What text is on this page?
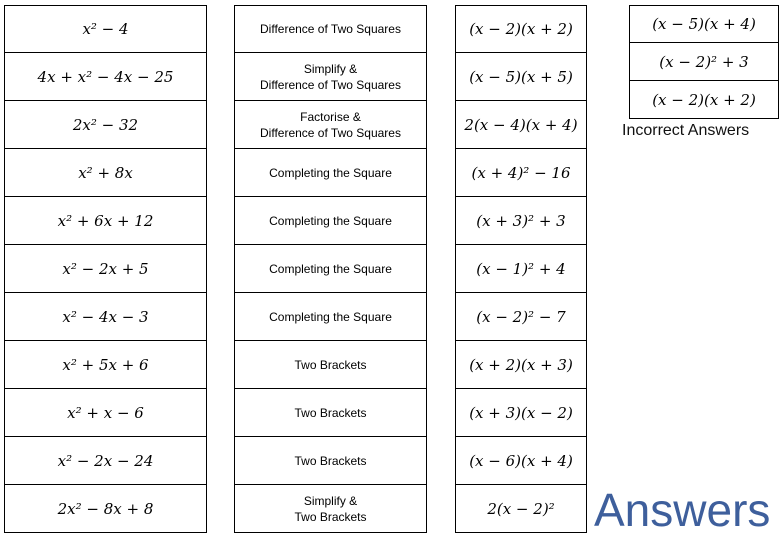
x² − 4
4x + x² − 4x − 25
2x² − 32
x² + 8x
x² + 6x + 12
x² − 2x + 5
x² − 4x − 3
x² + 5x + 6
x² + x − 6
x² − 2x − 24
2x² − 8x + 8
Difference of Two Squares
Simplify &
Difference of Two Squares
Factorise &
Difference of Two Squares
Completing the Square
Completing the Square
Completing the Square
Completing the Square
Two Brackets
Two Brackets
Two Brackets
Simplify &
Two Brackets
(x − 2)(x + 2)
(x − 5)(x + 5)
2(x − 4)(x + 4)
(x + 4)² − 16
(x + 3)² + 3
(x − 1)² + 4
(x − 2)² − 7
(x + 2)(x + 3)
(x + 3)(x − 2)
(x − 6)(x + 4)
2(x − 2)²
(x − 5)(x + 4)
(x − 2)² + 3
(x − 2)(x + 2)
Incorrect Answers
Answers
